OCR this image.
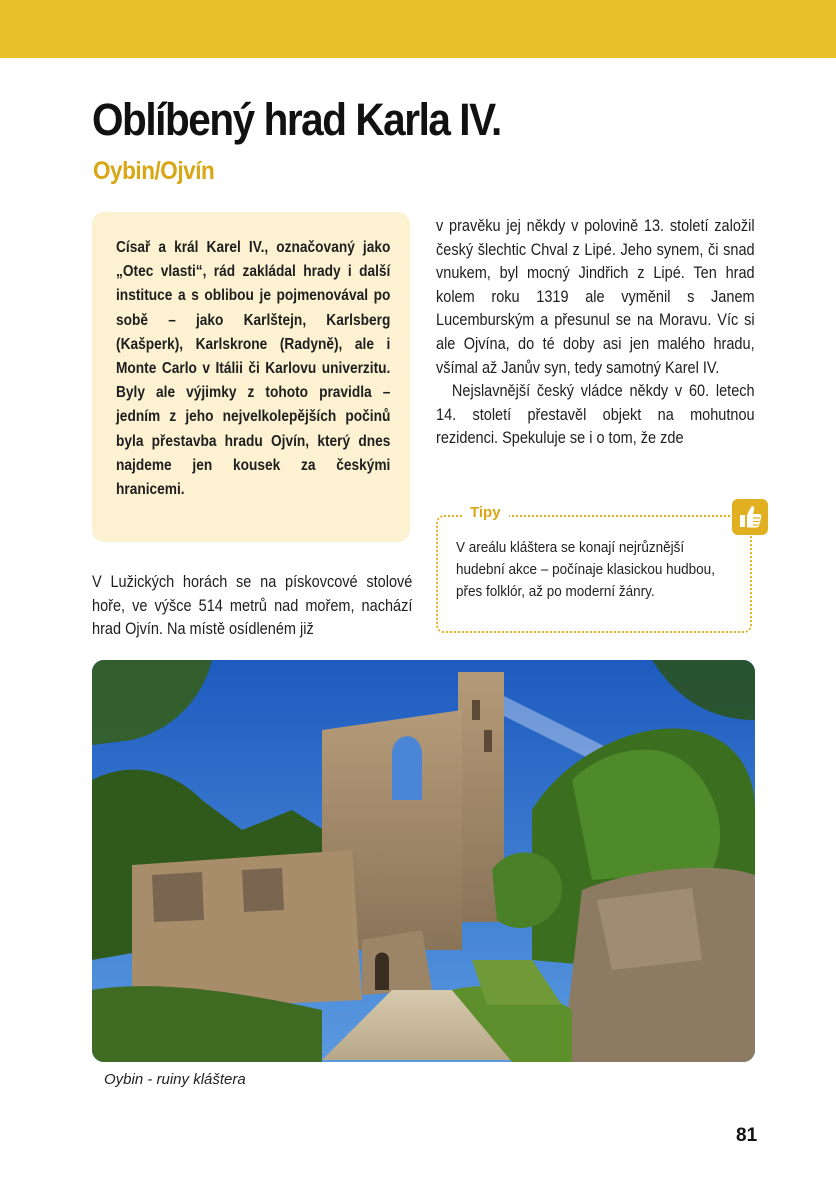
Oblíbený hrad Karla IV.
Oybin/Ojvín

Císař a král Karel IV., označovaný jako „Otec vlasti“, rád zakládal hrady i další instituce a s oblibou je pojmenovával po sobě – jako Karlštejn, Karlsberg (Kašperk), Karlskrone (Radyně), ale i Monte Carlo v Itálii či Karlovu univerzitu. Byly ale výjimky z tohoto pravidla – jedním z jeho nejvelkolepějších počinů byla přestavba hradu Ojvín, který dnes najdeme jen kousek za českými hranicemi.

V Lužických horách se na pískovcové stolové hoře, ve výšce 514 metrů nad mořem, nachází hrad Ojvín. Na místě osídleném již

v pravěku jej někdy v polovině 13. století založil český šlechtic Chval z Lipé. Jeho synem, či snad vnukem, byl mocný Jindřich z Lipé. Ten hrad kolem roku 1319 ale vyměnil s Janem Lucemburským a přesunul se na Moravu. Víc si ale Ojvína, do té doby asi jen malého hradu, všímal až Janův syn, tedy samotný Karel IV.

Nejslavnější český vládce někdy v 60. letech 14. století přestavěl objekt na mohutnou rezidenci. Spekuluje se i o tom, že zde

Tipy

V areálu kláštera se konají nejrůznější hudební akce – počínaje klasickou hudbou, přes folklór, až po moderní žánry.

Oybin - ruiny kláštera

81
